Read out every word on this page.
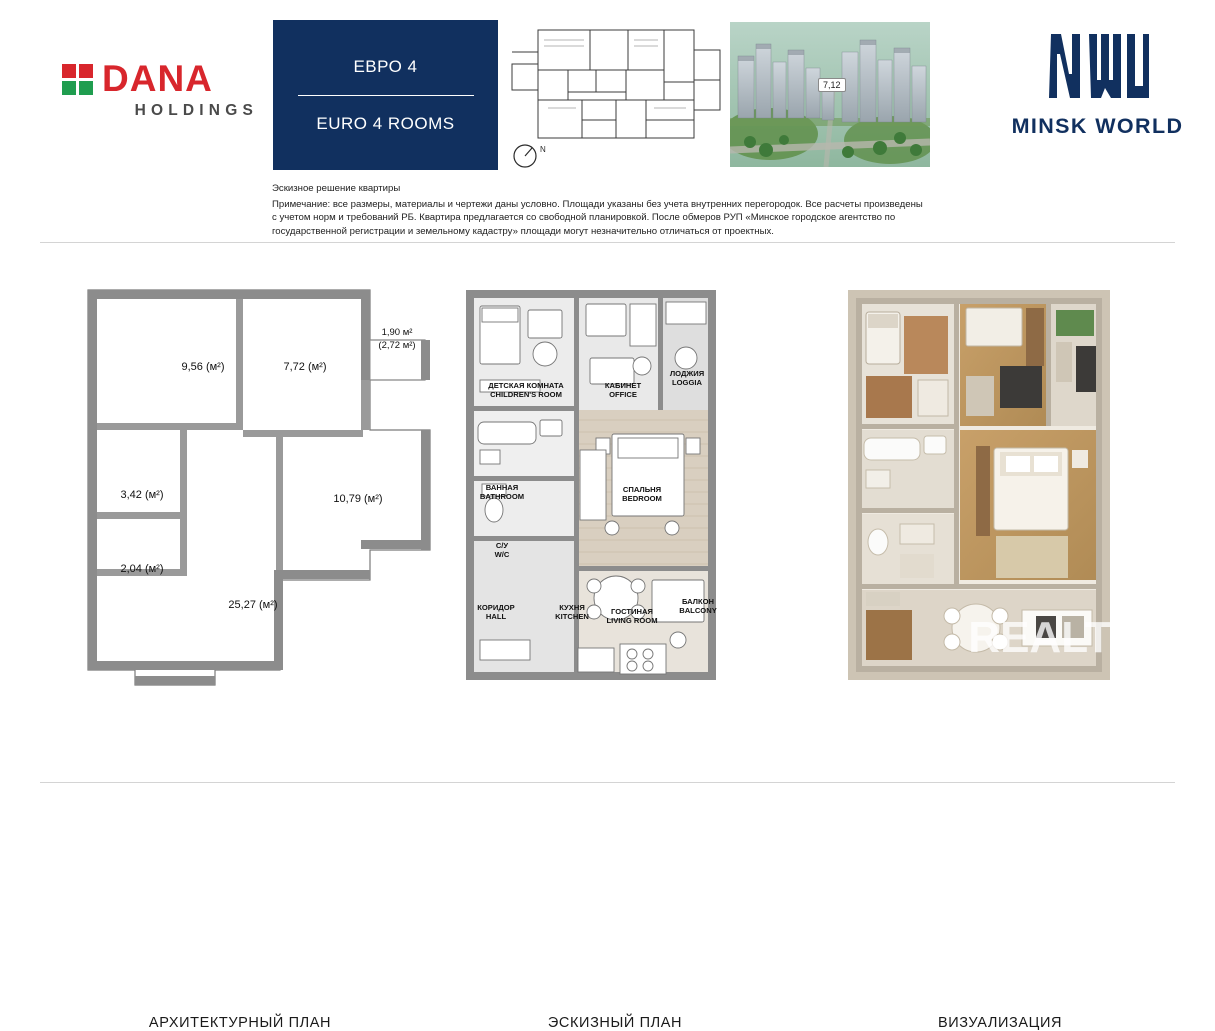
DANA
HOLDINGS
ЕВРО 4
EURO 4 ROOMS
N
7,12
MINSK WORLD
Эскизное решение квартиры
Примечание: все размеры, материалы и чертежи даны условно. Площади указаны без учета внутренних перегородок. Все расчеты произведены
с учетом норм и требований РБ. Квартира предлагается со свободной планировкой. После обмеров РУП «Минское городское агентство по
государственной регистрации и земельному кадастру» площади могут незначительно отличаться от проектных.
9,56 (м²)	7,72 (м²)
1,90 м²
(2,72 м²)
3,42 (м²)	10,79 (м²)
2,04 (м²)
25,27 (м²)
АРХИТЕКТУРНЫЙ ПЛАН
ДЕТСКАЯ КОМНАТА
CHILDREN'S ROOM
КАБИНЕТ
OFFICE
ЛОДЖИЯ
LOGGIA
ВАННАЯ
BATHROOM
СПАЛЬНЯ
BEDROOM
С/У
W/C
КОРИДОР
HALL
КУХНЯ
KITCHEN
ГОСТИНАЯ
LIVING ROOM
БАЛКОН
BALCONY
ЭСКИЗНЫЙ ПЛАН
REALT
ВИЗУАЛИЗАЦИЯ
